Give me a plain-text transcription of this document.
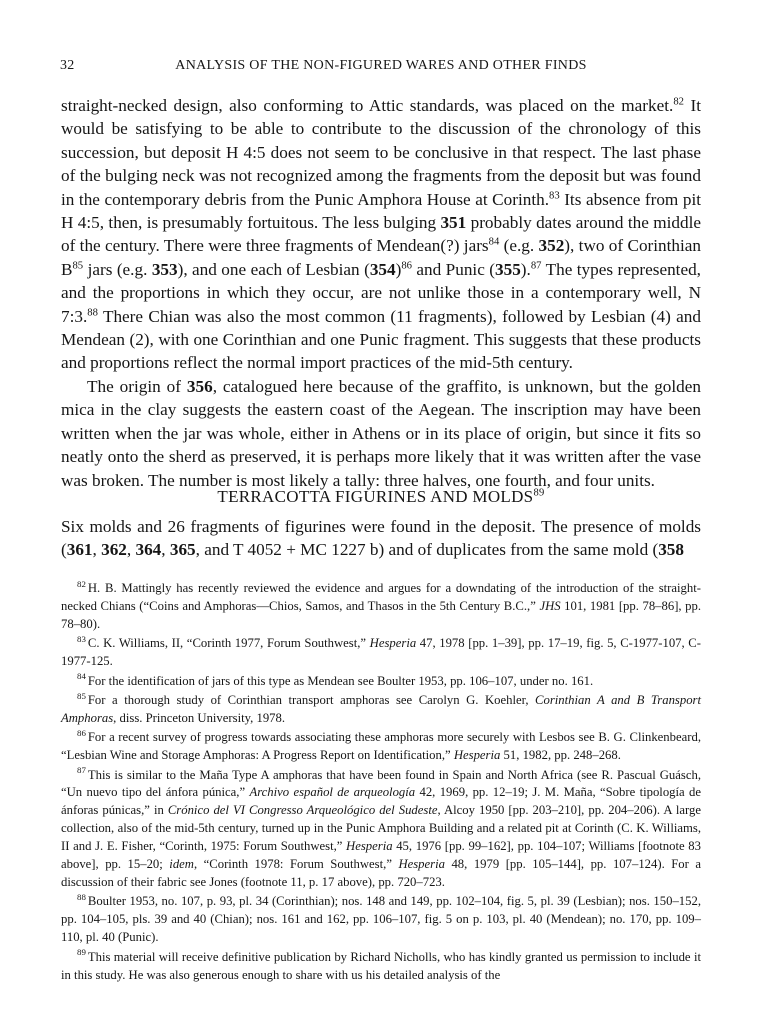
32	ANALYSIS OF THE NON-FIGURED WARES AND OTHER FINDS

straight-necked design, also conforming to Attic standards, was placed on the market.$^{82}$ It would be satisfying to be able to contribute to the discussion of the chronology of this succession, but deposit H 4:5 does not seem to be conclusive in that respect. The last phase of the bulging neck was not recognized among the fragments from the deposit but was found in the contemporary debris from the Punic Amphora House at Corinth.$^{83}$ Its absence from pit H 4:5, then, is presumably fortuitous. The less bulging 351 probably dates around the middle of the century. There were three fragments of Mendean(?) jars$^{84}$ (e.g. 352), two of Corinthian $B^{85}$ jars (e.g. 353), and one each of Lesbian $(354)^{86}$ and Punic (355).$^{87}$ The types represented, and the proportions in which they occur, are not unlike those in a contemporary well, N 7:3.88 There Chian was also the most common (11 fragments), followed by Lesbian (4) and Mendean (2), with one Corinthian and one Punic fragment. This suggests that these products and proportions reflect the normal import practices of the mid-5th century.

The origin of 356, catalogued here because of the graffito, is unknown, but the golden mica in the clay suggests the eastern coast of the Aegean. The inscription may have been written when the jar was whole, either in Athens or in its place of origin, but since it fits so neatly onto the sherd as preserved, it is perhaps more likely that it was written after the vase was broken. The number is most likely a tally: three halves, one fourth, and four units.

TERRACOTTA FIGURINES AND MOLDS$^{89}$

Six molds and 26 fragments of figurines were found in the deposit. The presence of molds (361, 362, 364, 365, and T 4052 + MC 1227 b) and of duplicates from the same mold (358

$^{82}$ H. B. Mattingly has recently reviewed the evidence and argues for a downdating of the introduction of the straight-necked Chians (“Coins and Amphoras—Chios, Samos, and Thasos in the 5th Century B.C.,” JHS 101, 1981 [pp. 78–86], pp. 78–80).

$^{83}$ C. K. Williams, II, “Corinth 1977, Forum Southwest,” Hesperia 47, 1978 [pp. 1–39], pp. 17–19, fig. 5, C-1977-107, C-1977-125.

$^{84}$ For the identification of jars of this type as Mendean see Boulter 1953, pp. 106–107, under no. 161.

$^{85}$ For a thorough study of Corinthian transport amphoras see Carolyn G. Koehler, Corinthian A and B Transport Amphoras, diss. Princeton University, 1978.

$^{86}$ For a recent survey of progress towards associating these amphoras more securely with Lesbos see B. G. Clinkenbeard, “Lesbian Wine and Storage Amphoras: A Progress Report on Identification,” Hesperia 51, 1982, pp. 248–268.

$^{87}$ This is similar to the Maña Type A amphoras that have been found in Spain and North Africa (see R. Pascual Guásch, “Un nuevo tipo del ánfora púnica,” Archivo español de arqueología 42, 1969, pp. 12–19; J. M. Maña, “Sobre tipología de ánforas púnicas,” in Crónico del VI Congresso Arqueológico del Sudeste, Alcoy 1950 [pp. 203–210], pp. 204–206). A large collection, also of the mid-5th century, turned up in the Punic Amphora Building and a related pit at Corinth (C. K. Williams, II and J. E. Fisher, “Corinth, 1975: Forum Southwest,” Hesperia 45, 1976 [pp. 99–162], pp. 104–107; Williams [footnote 83 above], pp. 15–20; idem, “Corinth 1978: Forum Southwest,” Hesperia 48, 1979 [pp. 105–144], pp. 107–124). For a discussion of their fabric see Jones (footnote 11, p. 17 above), pp. 720–723.

$^{88}$ Boulter 1953, no. 107, p. 93, pl. 34 (Corinthian); nos. 148 and 149, pp. 102–104, fig. 5, pl. 39 (Lesbian); nos. 150–152, pp. 104–105, pls. 39 and 40 (Chian); nos. 161 and 162, pp. 106–107, fig. 5 on p. 103, pl. 40 (Mendean); no. 170, pp. 109–110, pl. 40 (Punic).

$^{89}$ This material will receive definitive publication by Richard Nicholls, who has kindly granted us permission to include it in this study. He was also generous enough to share with us his detailed analysis of the
